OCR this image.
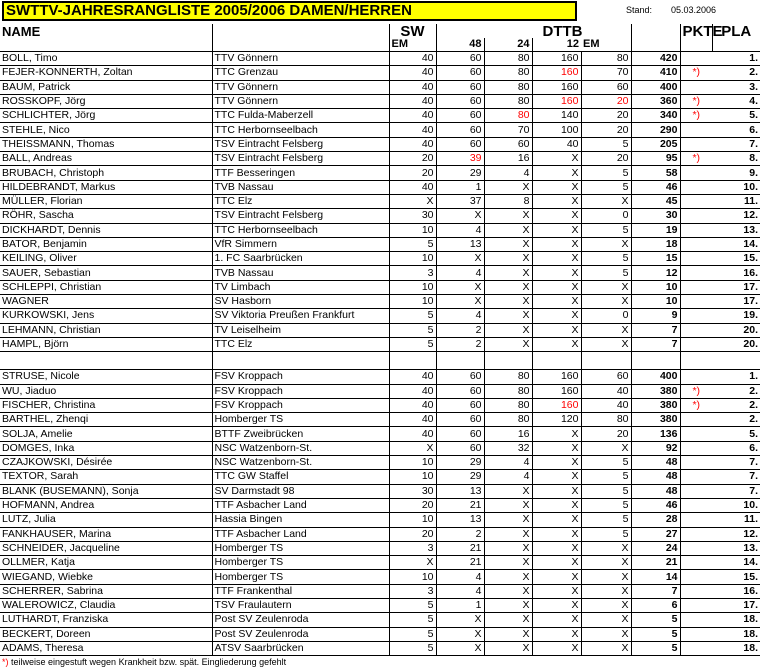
SWTTV-JAHRESRANGLISTE 2005/2006 DAMEN/HERREN	Stand: 05.03.2006
NAME		SW	DTTB					PKTE	PLA
		EM	48	24	12	EM			
BOLL, Timo	TTV Gönnern	40	60	80	160	80	420		1.
FEJER-KONNERTH, Zoltan	TTC Grenzau	40	60	80	160	70	410	*)	2.
BAUM, Patrick	TTV Gönnern	40	60	80	160	60	400		3.
ROSSKOPF, Jörg	TTV Gönnern	40	60	80	160	20	360	*)	4.
SCHLICHTER, Jörg	TTC Fulda-Maberzell	40	60	80	140	20	340	*)	5.
STEHLE, Nico	TTC Herbornseelbach	40	60	70	100	20	290		6.
THEISSMANN, Thomas	TSV Eintracht Felsberg	40	60	60	40	5	205		7.
BALL, Andreas	TSV Eintracht Felsberg	20	39	16	X	20	95	*)	8.
BRUBACH, Christoph	TTF Besseringen	20	29	4	X	5	58		9.
HILDEBRANDT, Markus	TVB Nassau	40	1	X	X	5	46		10.
MÜLLER, Florian	TTC Elz	X	37	8	X	X	45		11.
RÖHR, Sascha	TSV Eintracht Felsberg	30	X	X	X	0	30		12.
DICKHARDT, Dennis	TTC Herbornseelbach	10	4	X	X	5	19		13.
BATOR, Benjamin	VfR Simmern	5	13	X	X	X	18		14.
KEILING, Oliver	1. FC Saarbrücken	10	X	X	X	5	15		15.
SAUER, Sebastian	TVB Nassau	3	4	X	X	5	12		16.
SCHLEPPI, Christian	TV Limbach	10	X	X	X	X	10		17.
WAGNER	SV Hasborn	10	X	X	X	X	10		17.
KURKOWSKI, Jens	SV Viktoria Preußen Frankfurt	5	4	X	X	0	9		19.
LEHMANN, Christian	TV Leiselheim	5	2	X	X	X	7		20.
HAMPL, Björn	TTC Elz	5	2	X	X	X	7		20.

STRUSE, Nicole	FSV Kroppach	40	60	80	160	60	400		1.
WU, Jiaduo	FSV Kroppach	40	60	80	160	40	380	*)	2.
FISCHER, Christina	FSV Kroppach	40	60	80	160	40	380	*)	2.
BARTHEL, Zhenqi	Homberger TS	40	60	80	120	80	380		2.
SOLJA, Amelie	BTTF Zweibrücken	40	60	16	X	20	136		5.
DOMGES, Inka	NSC Watzenborn-St.	X	60	32	X	X	92		6.
CZAJKOWSKI, Désirée	NSC Watzenborn-St.	10	29	4	X	5	48		7.
TEXTOR, Sarah	TTC GW Staffel	10	29	4	X	5	48		7.
BLANK (BUSEMANN), Sonja	SV Darmstadt 98	30	13	X	X	5	48		7.
HOFMANN, Andrea	TTF Asbacher Land	20	21	X	X	5	46		10.
LUTZ, Julia	Hassia Bingen	10	13	X	X	5	28		11.
FANKHAUSER, Marina	TTF Asbacher Land	20	2	X	X	5	27		12.
SCHNEIDER, Jacqueline	Homberger TS	3	21	X	X	X	24		13.
OLLMER, Katja	Homberger TS	X	21	X	X	X	21		14.
WIEGAND, Wiebke	Homberger TS	10	4	X	X	X	14		15.
SCHERRER, Sabrina	TTF Frankenthal	3	4	X	X	X	7		16.
WALEROWICZ, Claudia	TSV Fraulautern	5	1	X	X	X	6		17.
LUTHARDT, Franziska	Post SV Zeulenroda	5	X	X	X	X	5		18.
BECKERT, Doreen	Post SV Zeulenroda	5	X	X	X	X	5		18.
ADAMS, Theresa	ATSV Saarbrücken	5	X	X	X	X	5		18.
*) teilweise eingestuft wegen Krankheit bzw. spät. Eingliederung gefehlt
